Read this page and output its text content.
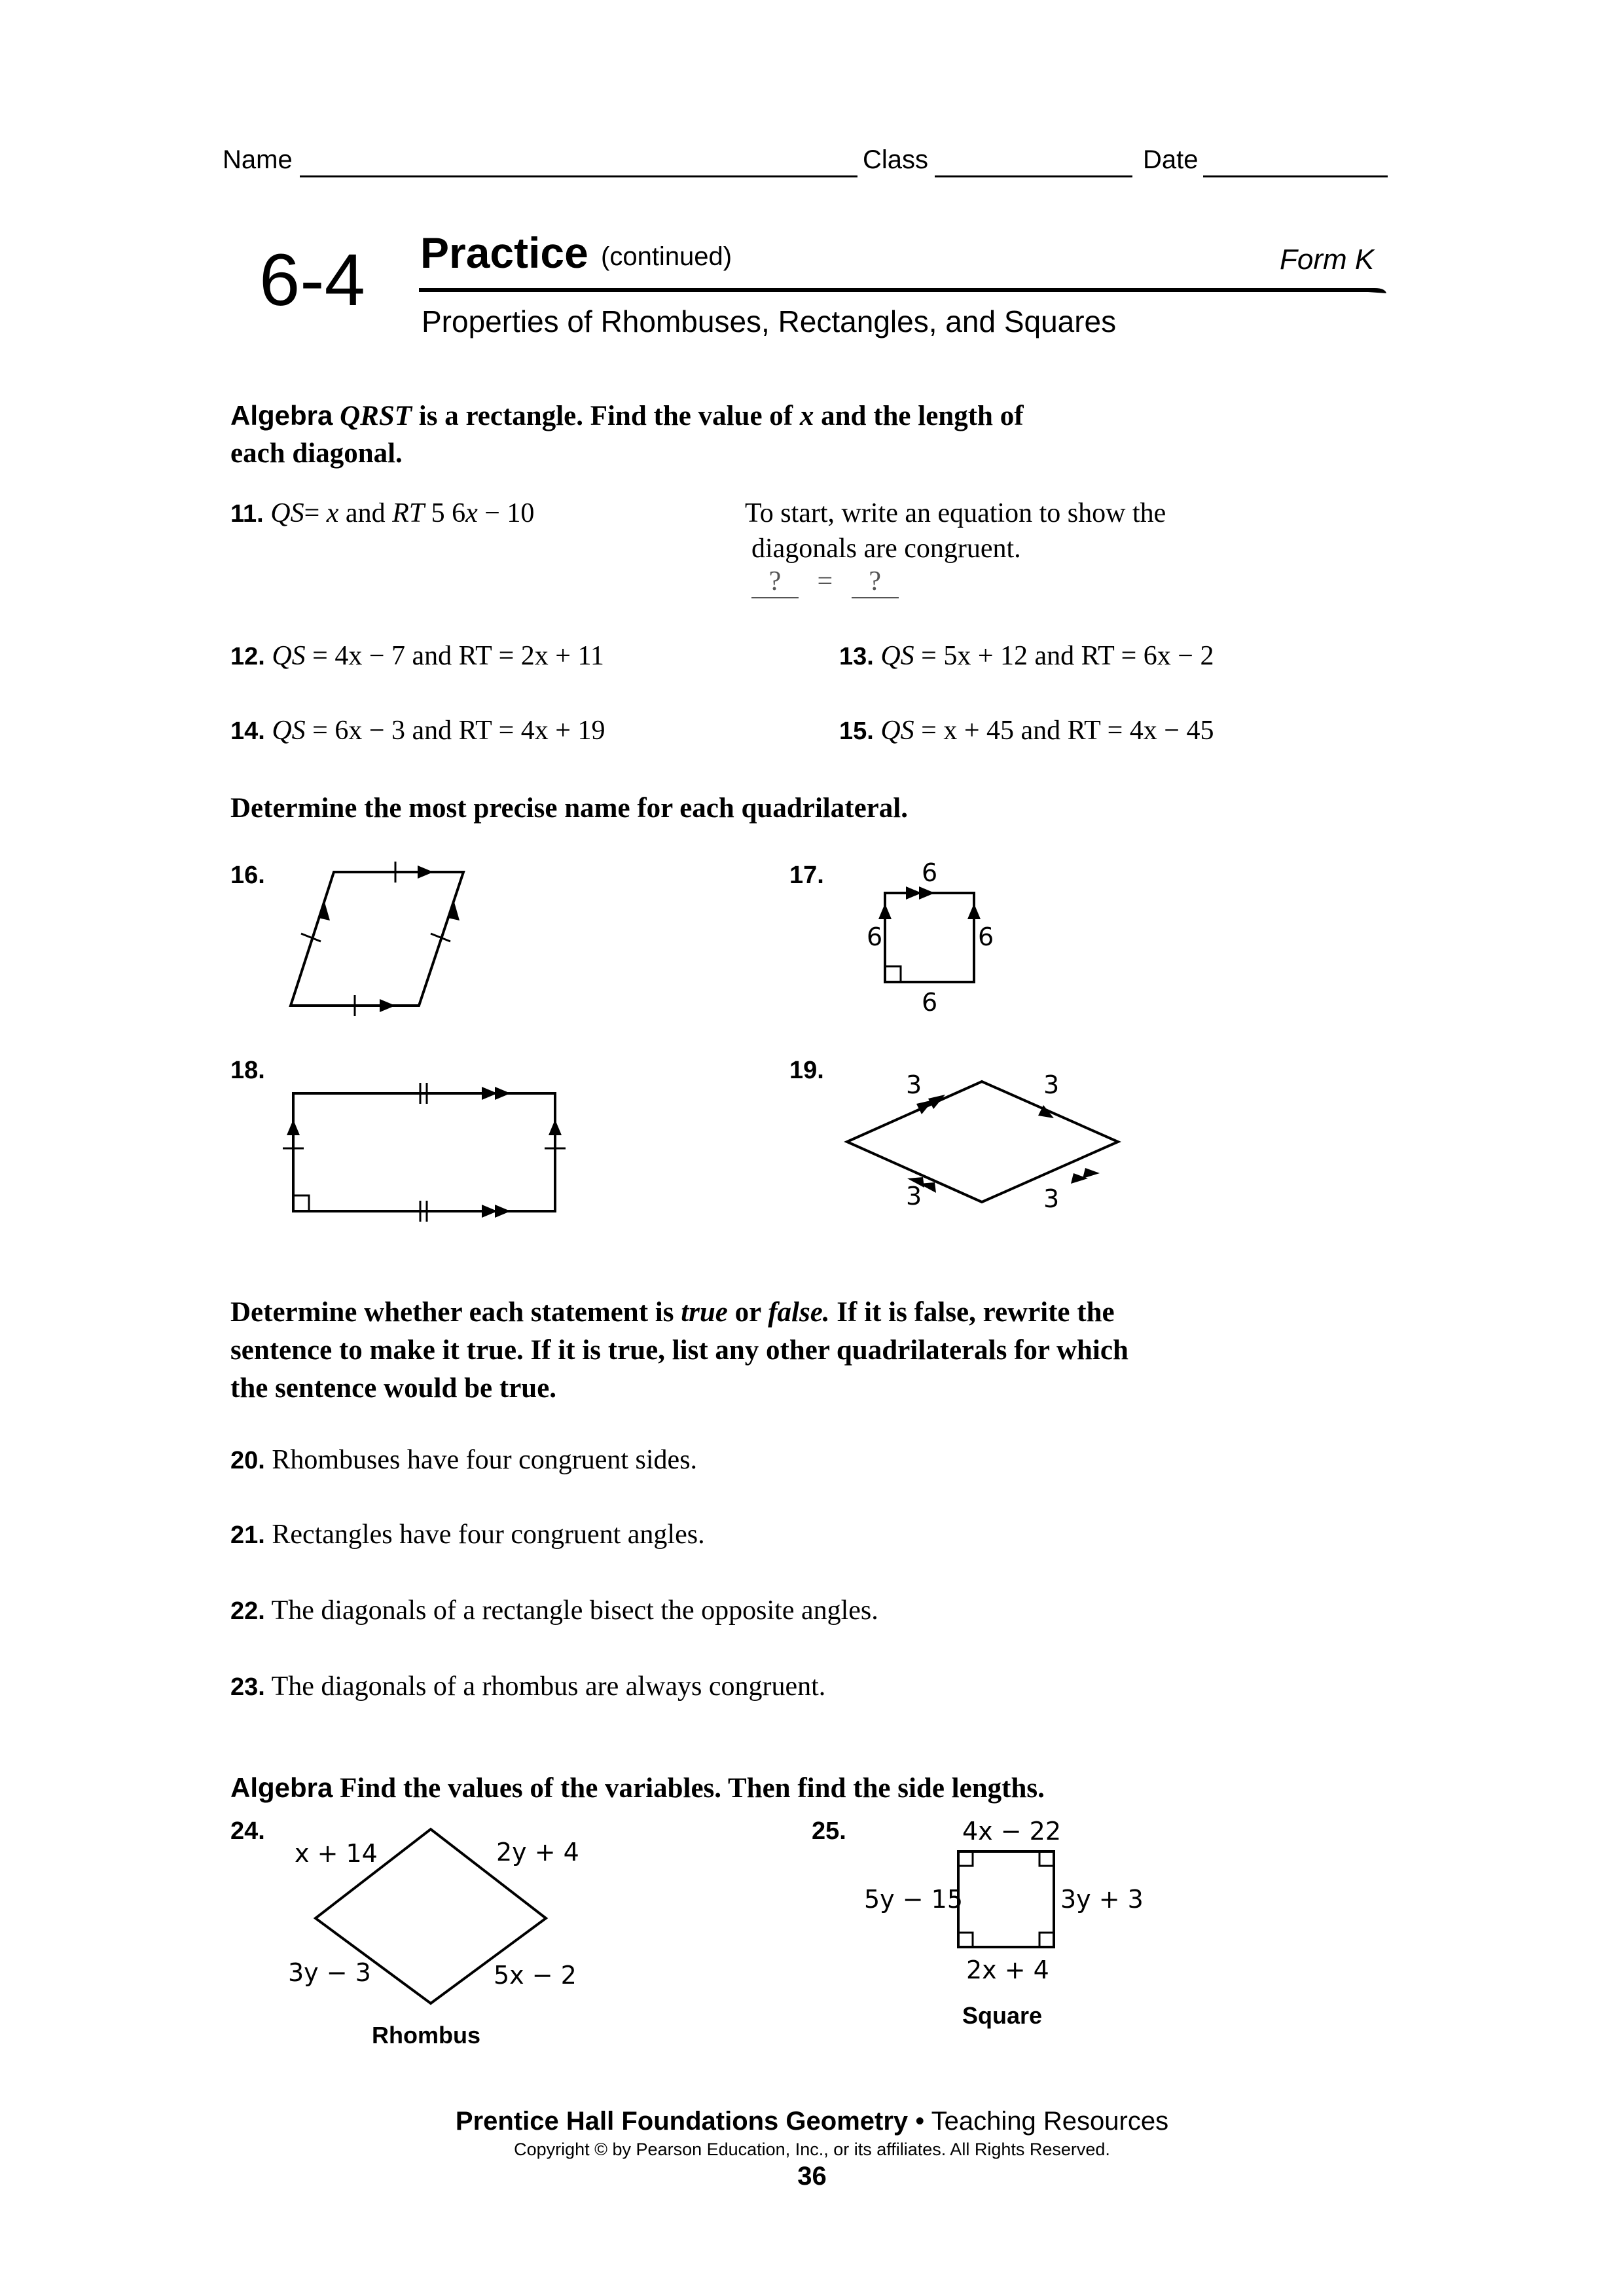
Name	Class	Date
6-4 Practice (continued)	Form K
Properties of Rhombuses, Rectangles, and Squares
Algebra QRST is a rectangle. Find the value of x and the length of
each diagonal.
11. QS= x and RT 5 6x − 10	To start, write an equation to show the
diagonals are congruent.
? = ?
12. QS = 4x − 7 and RT = 2x + 11	13. QS = 5x + 12 and RT = 6x − 2
14. QS = 6x − 3 and RT = 4x + 19	15. QS = x + 45 and RT = 4x − 45
Determine the most precise name for each quadrilateral.
16.	17.	6
6	6
6
18.	19.	3	3
3	3
Determine whether each statement is true or false. If it is false, rewrite the
sentence to make it true. If it is true, list any other quadrilaterals for which
the sentence would be true.
20. Rhombuses have four congruent sides.
21. Rectangles have four congruent angles.
22. The diagonals of a rectangle bisect the opposite angles.
23. The diagonals of a rhombus are always congruent.
Algebra Find the values of the variables. Then find the side lengths.
24.
x + 14	2y + 4
3y − 3	5x − 2
Rhombus
25.	4x − 22
5y − 15	3y + 3
2x + 4
Square
Prentice Hall Foundations Geometry • Teaching Resources
Copyright © by Pearson Education, Inc., or its affiliates. All Rights Reserved.
36
